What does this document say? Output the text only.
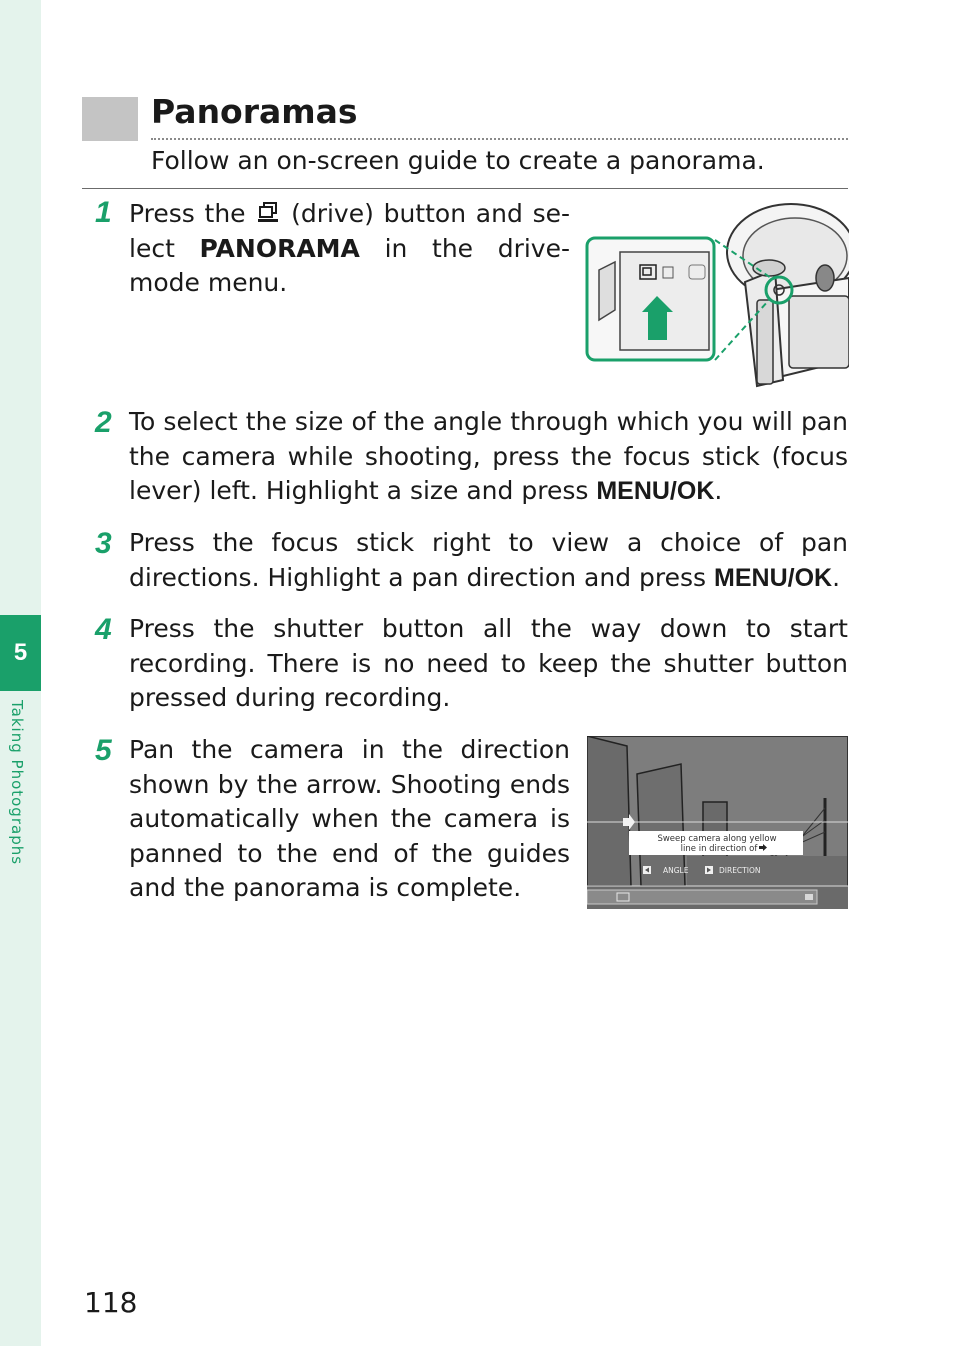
5
Taking Photographs
Panoramas
Follow an on-screen guide to create a panorama.
1 Press the (drive) button and se-lect PANORAMA in the drive-mode menu.
2 To select the size of the angle through which you will pan the camera while shooting, press the focus stick (focus lever) left. Highlight a size and press MENU/OK.
3 Press the focus stick right to view a choice of pan directions. Highlight a pan direction and press MENU/OK.
4 Press the shutter button all the way down to start recording. There is no need to keep the shutter button pressed during recording.
5 Pan the camera in the direction shown by the arrow. Shooting ends automatically when the camera is panned to the end of the guides and the panorama is complete.
Sweep camera along yellow
line in direction of
ANGLE	DIRECTION
118
